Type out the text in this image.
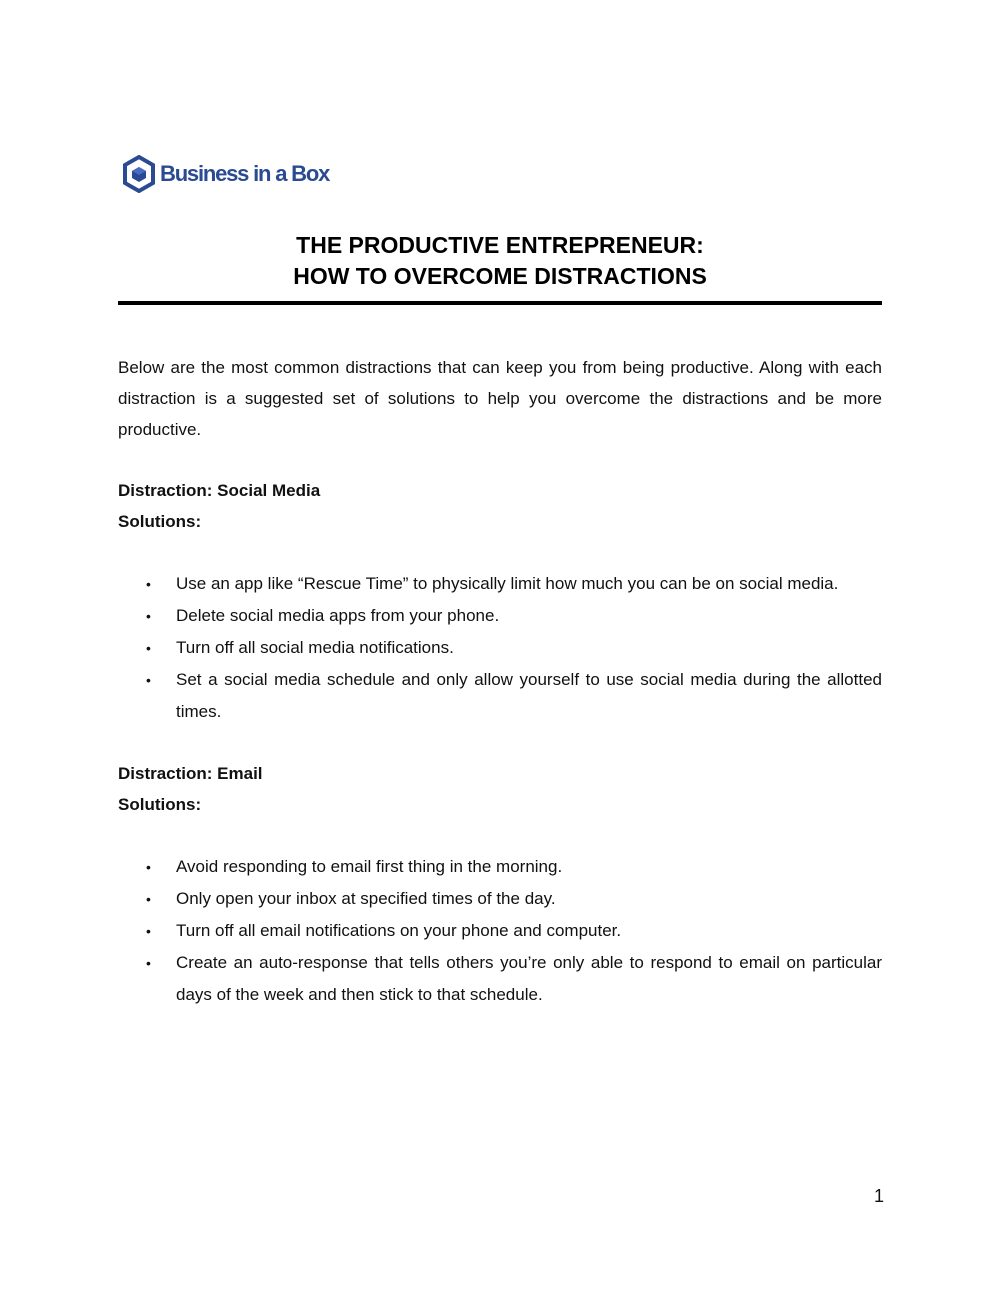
Business in a Box
THE PRODUCTIVE ENTREPRENEUR:
HOW TO OVERCOME DISTRACTIONS

Below are the most common distractions that can keep you from being productive. Along with each distraction is a suggested set of solutions to help you overcome the distractions and be more productive.

Distraction: Social Media

Solutions:

• Use an app like “Rescue Time” to physically limit how much you can be on social media.
• Delete social media apps from your phone.
• Turn off all social media notifications.
• Set a social media schedule and only allow yourself to use social media during the allotted times.

Distraction: Email

Solutions:

• Avoid responding to email first thing in the morning.
• Only open your inbox at specified times of the day.
• Turn off all email notifications on your phone and computer.
• Create an auto-response that tells others you’re only able to respond to email on particular days of the week and then stick to that schedule.
1
